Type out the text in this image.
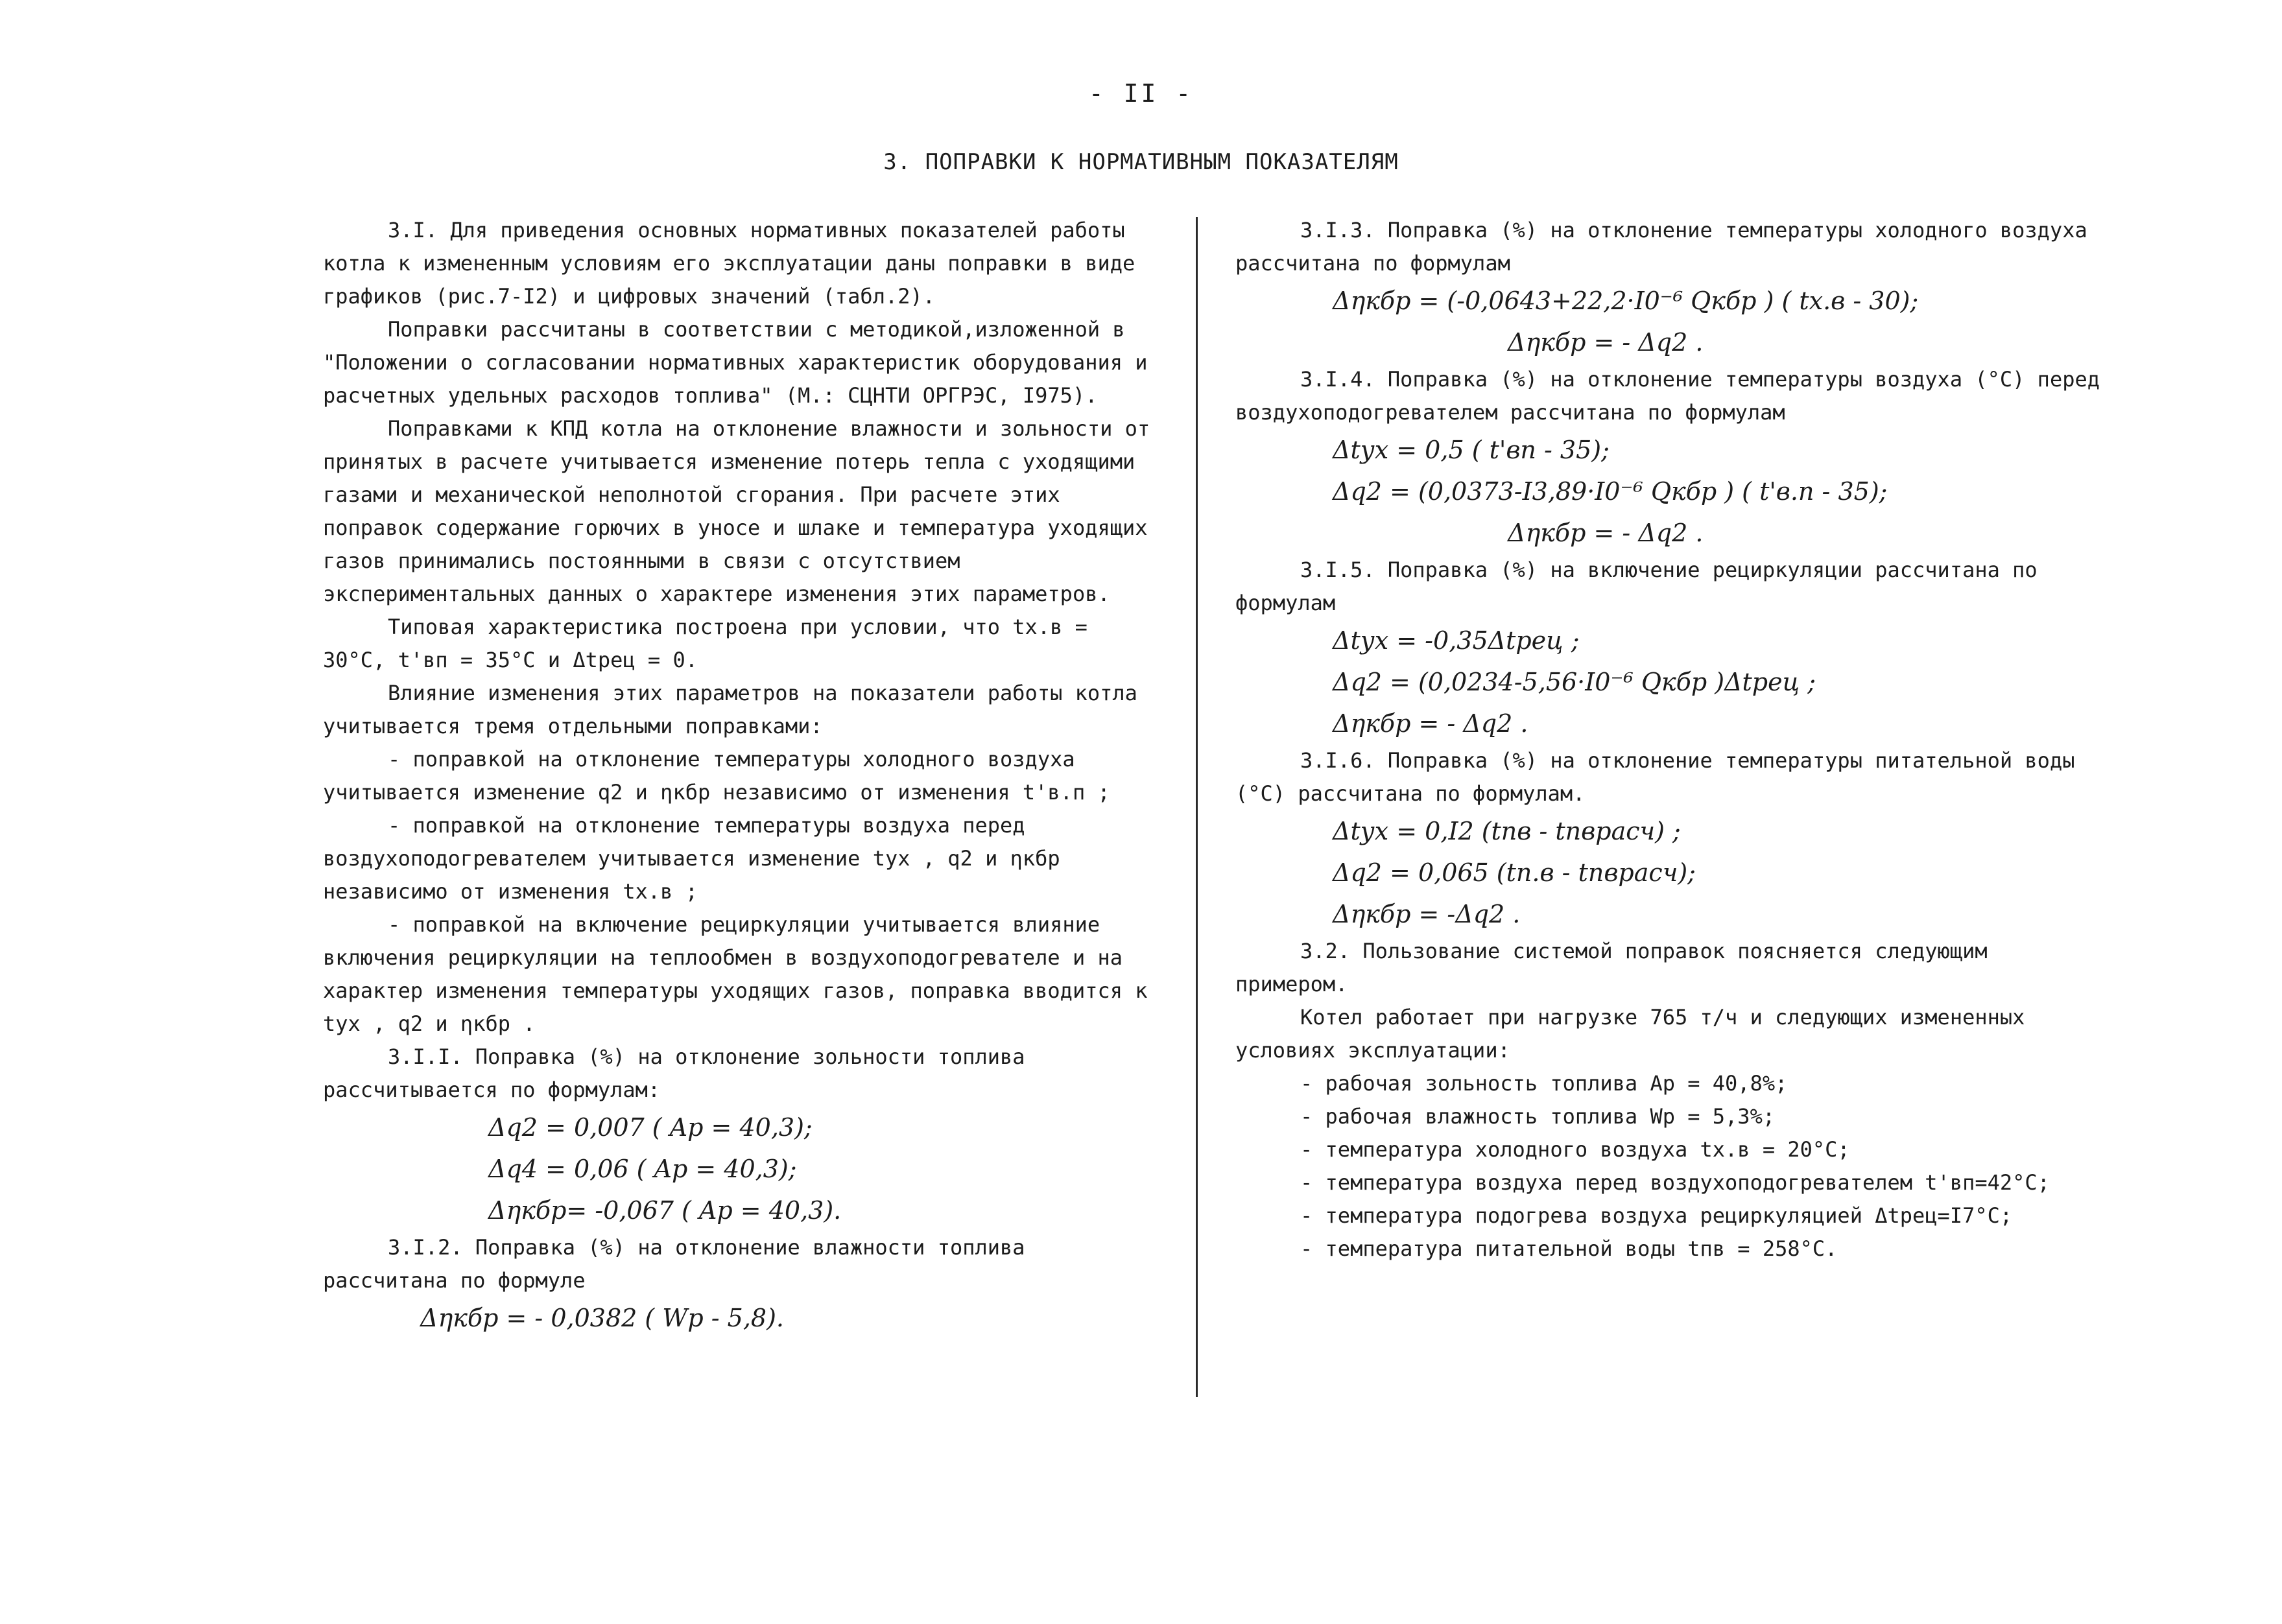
- II -
3. ПОПРАВКИ К НОРМАТИВНЫМ ПОКАЗАТЕЛЯМ

3.I. Для приведения основных нормативных показателей работы котла к измененным условиям его эксплуатации даны поправки в виде графиков (рис.7-I2) и цифровых значений (табл.2).

Поправки рассчитаны в соответствии с методикой,изложенной в "Положении о согласовании нормативных характеристик оборудования и расчетных удельных расходов топлива" (М.: СЦНТИ ОРГРЭС, I975).

Поправками к КПД котла на отклонение влажности и зольности от принятых в расчете учитывается изменение потерь тепла с уходящими газами и механической неполнотой сгорания. При расчете этих поправок содержание горючих в уносе и шлаке и температура уходящих газов принимались постоянными в связи с отсутствием экспериментальных данных о характере изменения этих параметров.

Типовая характеристика построена при условии, что tх.в = 30°С, t'вп = 35°С и Δtрец = 0.

Влияние изменения этих параметров на показатели работы котла учитывается тремя отдельными поправками:

- поправкой на отклонение температуры холодного воздуха учитывается изменение q2 и ηкбр независимо от изменения t'в.п ;

- поправкой на отклонение температуры воздуха перед воздухоподогревателем учитывается изменение tух , q2 и ηкбр независимо от изменения tх.в ;

- поправкой на включение рециркуляции учитывается влияние включения рециркуляции на теплообмен в воздухоподогревателе и на характер изменения температуры уходящих газов, поправка вводится к tух , q2 и ηкбр .

3.I.I. Поправка (%) на отклонение зольности топлива рассчитывается по формулам:

Δq2 = 0,007 ( Aр = 40,3);

Δq4 = 0,06 ( Aр = 40,3);

Δηкбр= -0,067 ( Aр = 40,3).

3.I.2. Поправка (%) на отклонение влажности топлива рассчитана по формуле

Δηкбр = - 0,0382 ( Wр - 5,8).

3.I.3. Поправка (%) на отклонение температуры холодного воздуха рассчитана по формулам

Δηкбр = (-0,0643+22,2·I0⁻⁶ Qкбр ) ( tх.в - 30);

Δηкбр = - Δq2 .

3.I.4. Поправка (%) на отклонение температуры воздуха (°С) перед воздухоподогревателем рассчитана по формулам

Δtух = 0,5 ( t'вп - 35);

Δq2 = (0,0373-I3,89·I0⁻⁶ Qкбр ) ( t'в.п - 35);

Δηкбр = - Δq2 .

3.I.5. Поправка (%) на включение рециркуляции рассчитана по формулам

Δtух = -0,35Δtрец ;

Δq2 = (0,0234-5,56·I0⁻⁶ Qкбр )Δtрец ;

Δηкбр = - Δq2 .

3.I.6. Поправка (%) на отклонение температуры питательной воды (°С) рассчитана по формулам.

Δtух = 0,I2 (tпв - tпврасч) ;

Δq2 = 0,065 (tп.в - tпврасч);

Δηкбр = -Δq2 .

3.2. Пользование системой поправок поясняется следующим примером.

Котел работает при нагрузке 765 т/ч и следующих измененных условиях эксплуатации:

- рабочая зольность топлива Aр = 40,8%;

- рабочая влажность топлива Wр = 5,3%;

- температура холодного воздуха tх.в = 20°С;

- температура воздуха перед воздухоподогревателем t'вп=42°С;

- температура подогрева воздуха рециркуляцией Δtрец=I7°С;

- температура питательной воды tпв = 258°С.
